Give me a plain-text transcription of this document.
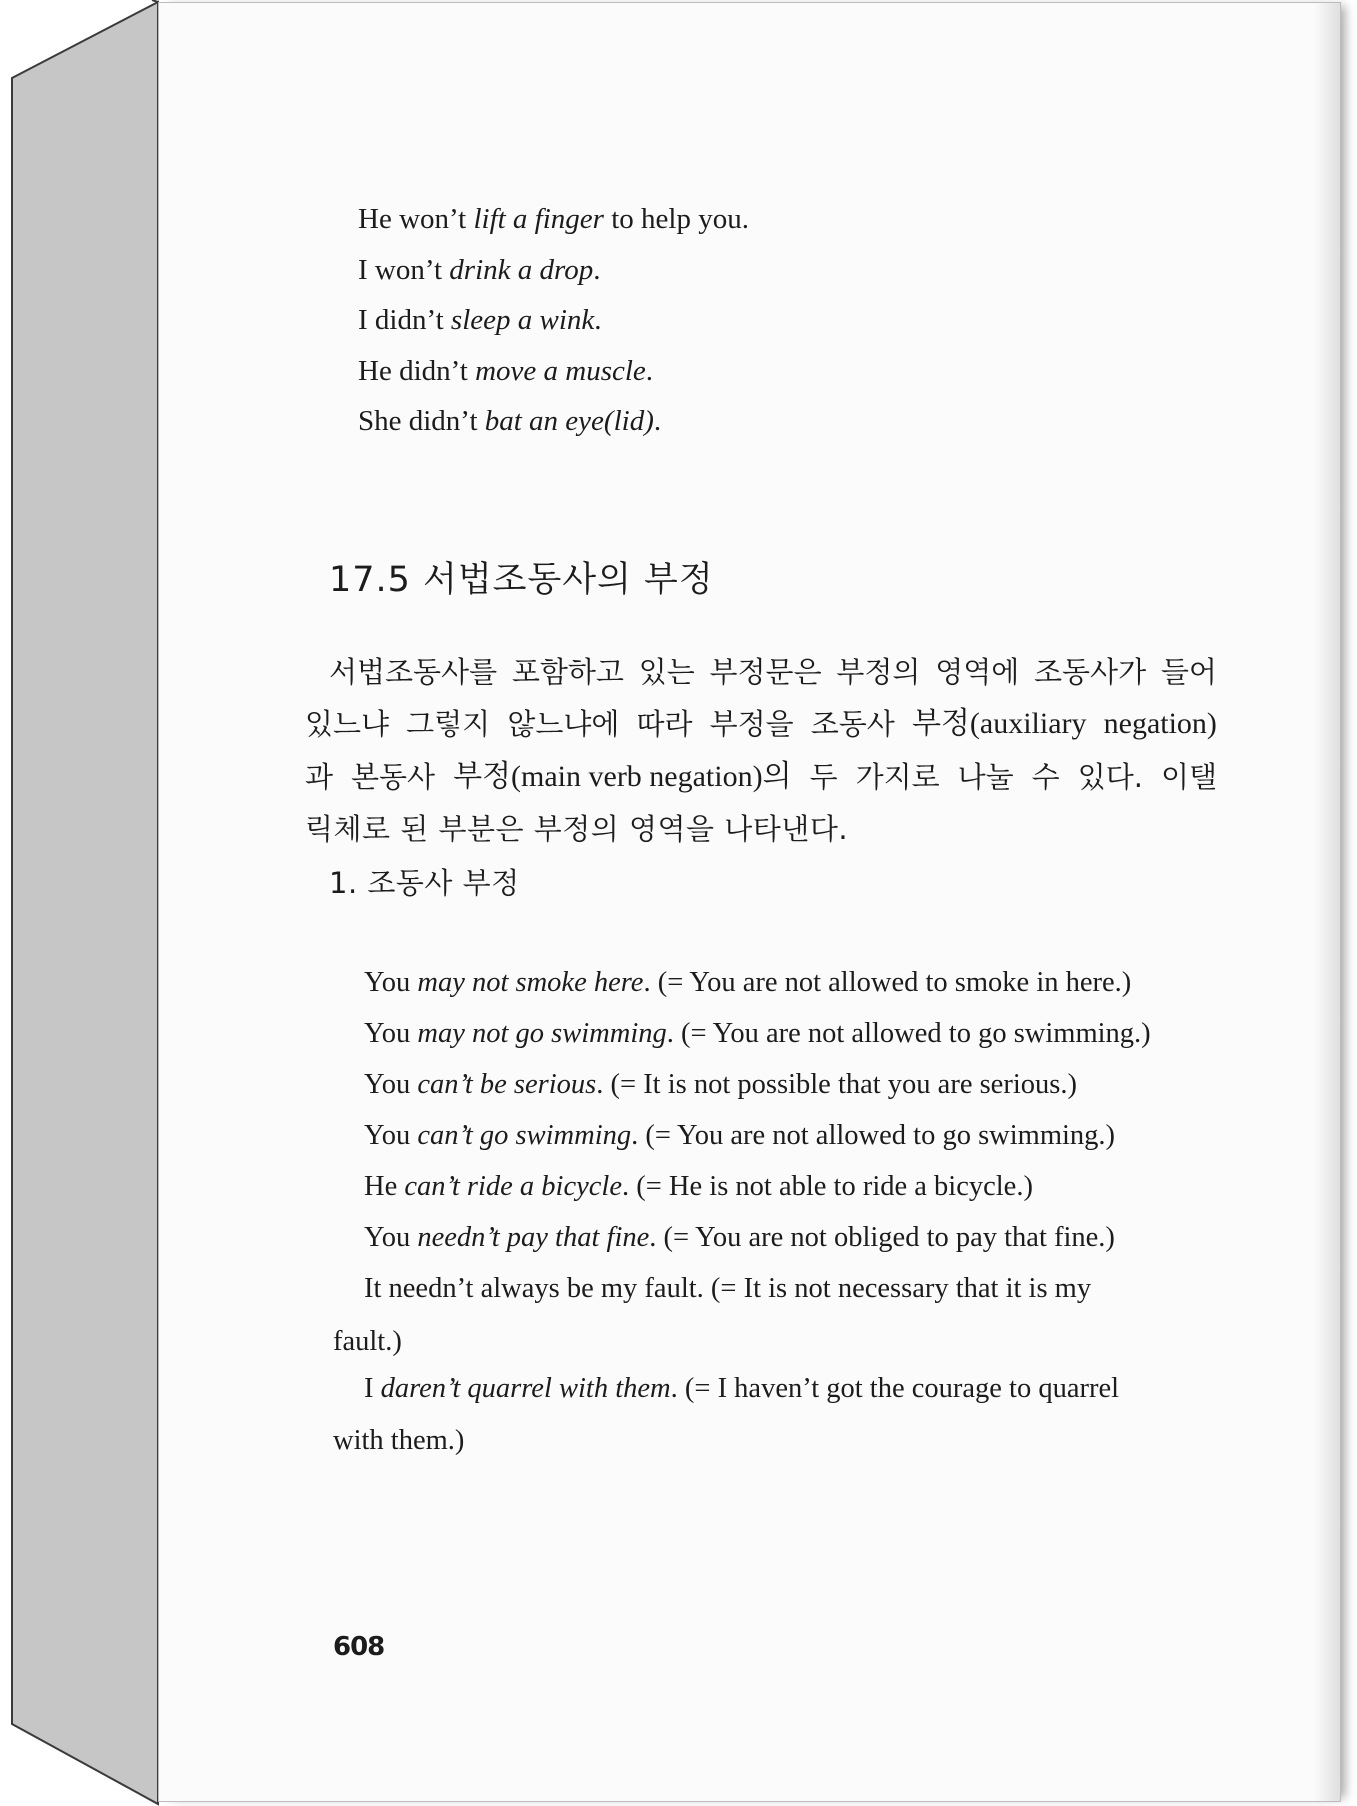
He won’t lift a finger to help you.
I won’t drink a drop.
I didn’t sleep a wink.
He didn’t move a muscle.
She didn’t bat an eye(lid).
17.5 서법조동사의 부정
서법조동사를 포함하고 있는 부정문은 부정의 영역에 조동사가 들어
있느냐 그렇지 않느냐에 따라 부정을 조동사 부정(auxiliary negation)
과 본동사 부정(main verb negation)의 두 가지로 나눌 수 있다. 이탤
릭체로 된 부분은 부정의 영역을 나타낸다.
1. 조동사 부정
You may not smoke here. (= You are not allowed to smoke in here.)
You may not go swimming. (= You are not allowed to go swimming.)
You can’t be serious. (= It is not possible that you are serious.)
You can’t go swimming. (= You are not allowed to go swimming.)
He can’t ride a bicycle. (= He is not able to ride a bicycle.)
You needn’t pay that fine. (= You are not obliged to pay that fine.)
It needn’t always be my fault. (= It is not necessary that it is my
fault.)
I daren’t quarrel with them. (= I haven’t got the courage to quarrel
with them.)
608
